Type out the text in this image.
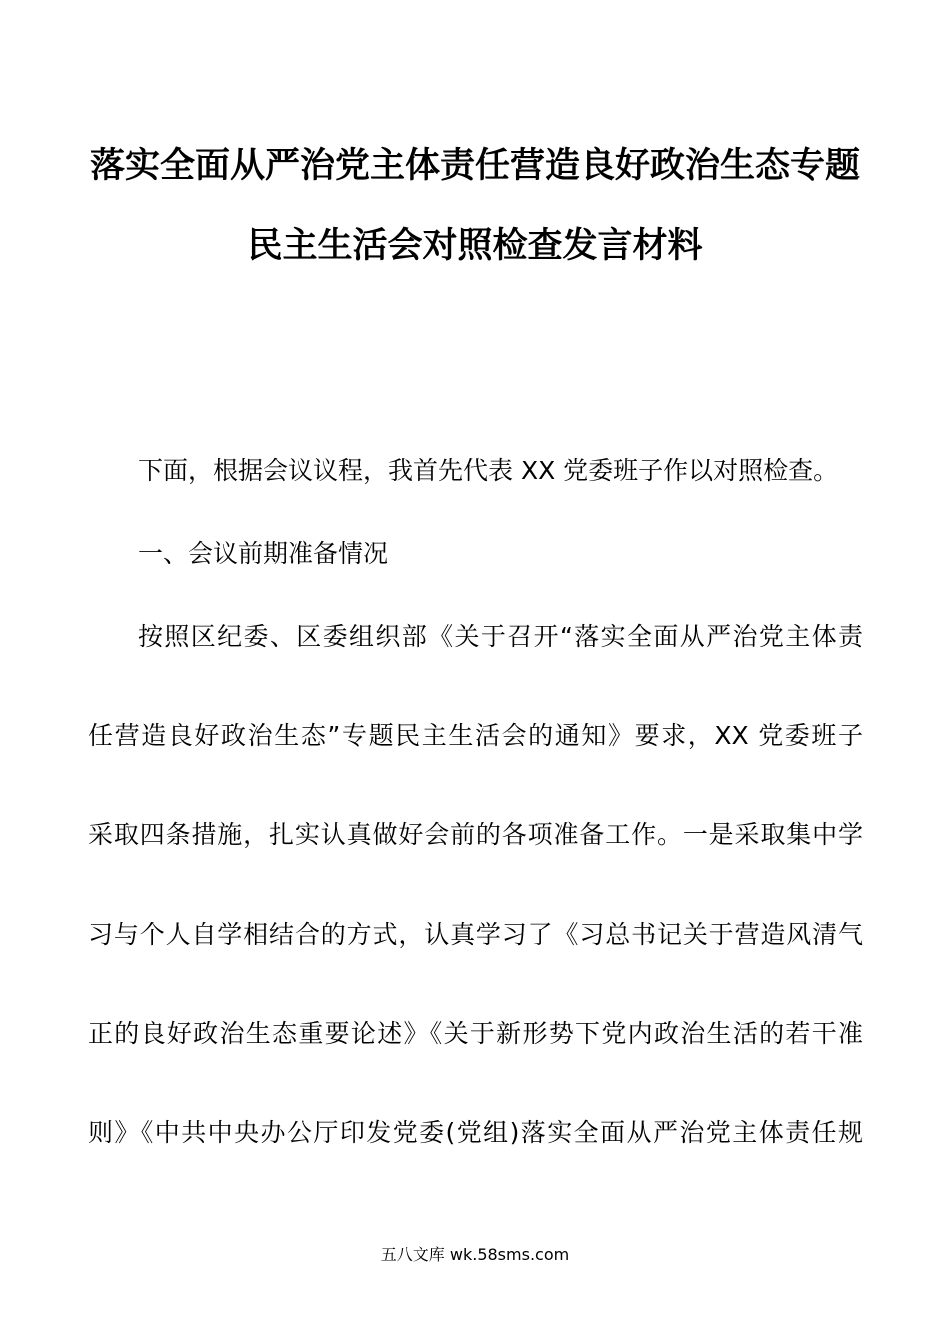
落实全面从严治党主体责任营造良好政治生态专题
民主生活会对照检查发言材料
下面，根据会议议程，我首先代表 XX 党委班子作以对照检查。
一、会议前期准备情况
按照区纪委、区委组织部《关于召开“落实全面从严治党主体责
任营造良好政治生态”专题民主生活会的通知》要求，XX 党委班子
采取四条措施，扎实认真做好会前的各项准备工作。一是采取集中学
习与个人自学相结合的方式，认真学习了《习总书记关于营造风清气
正的良好政治生态重要论述》《关于新形势下党内政治生活的若干准
则》《中共中央办公厅印发党委(党组)落实全面从严治党主体责任规
五八文库 wk.58sms.com
